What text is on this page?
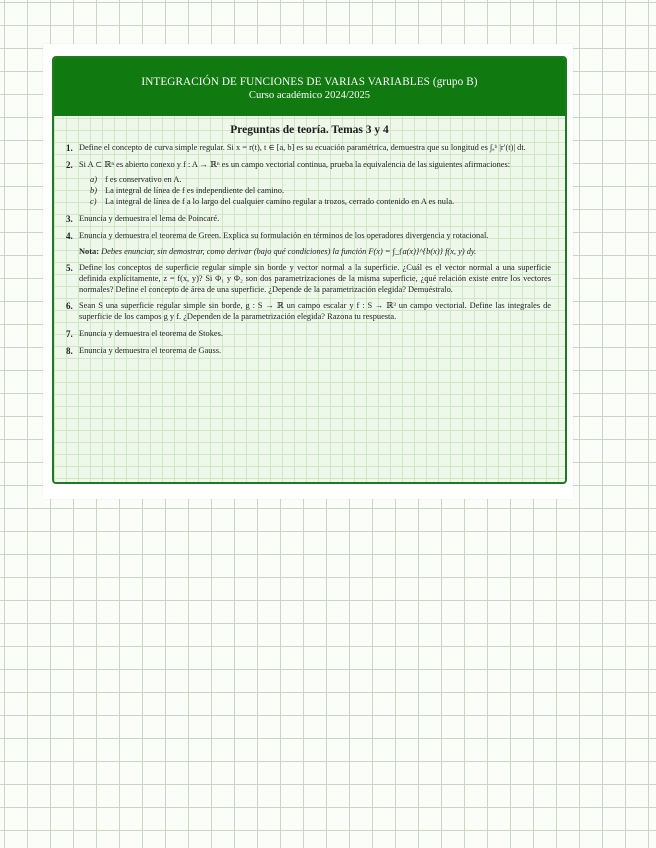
INTEGRACIÓN DE FUNCIONES DE VARIAS VARIABLES (grupo B)
Curso académico 2024/2025
Preguntas de teoría. Temas 3 y 4
1. Define el concepto de curva simple regular. Si x = r(t), t ∈ [a, b] es su ecuación paramétrica, demuestra que su longitud es ∫ₐᵇ |r′(t)| dt.

2. Si A ⊂ ℝⁿ es abierto conexo y f : A → ℝⁿ es un campo vectorial continua, prueba la equivalencia de las siguientes afirmaciones:

a) f es conservativo en A.
b) La integral de línea de f es independiente del camino.
c)	La integral de línea de f a lo largo del cualquier camino regular a trozos, cerrado contenido en A es nula.
3. Enuncia y demuestra el lema de Poincaré.

4. Enuncia y demuestra el teorema de Green. Explica su formulación en términos de los operadores divergencia y rotacional.

Nota: Debes enunciar, sin demostrar, como derivar (bajo qué condiciones) la función F(x) = ∫_{a(x)}^{b(x)} f(x, y) dy.

5. Define los conceptos de superficie regular simple sin borde y vector normal a la superficie. ¿Cuál es el vector normal a una superficie definida explícitamente, z = f(x, y)? Si Φ₁ y Φ₂ son dos parametrizaciones de la misma superficie, ¿qué relación existe entre los vectores normales? Define el concepto de área de una superficie. ¿Depende de la parametrización elegida? Demuéstralo.

6. Sean S una superficie regular simple sin borde, g : S → ℝ un campo escalar y f : S → ℝ³ un campo vectorial. Define las integrales de superficie de los campos g y f. ¿Dependen de la parametrización elegida? Razona tu respuesta.

7. Enuncia y demuestra el teorema de Stokes.

8. Enuncia y demuestra el teorema de Gauss.
